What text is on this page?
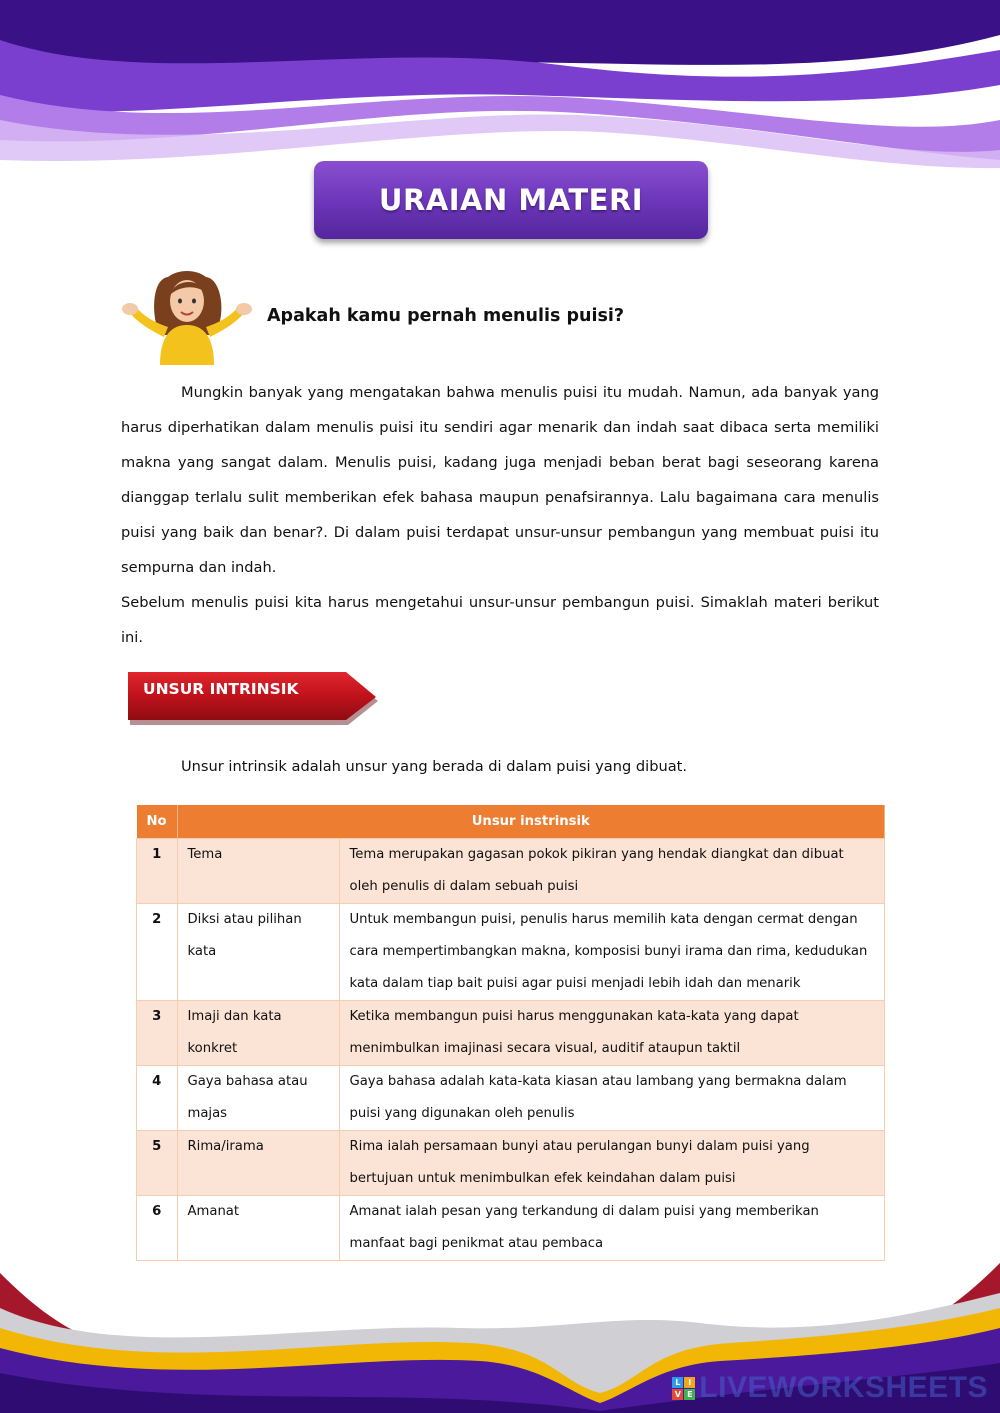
URAIAN MATERI
Apakah kamu pernah menulis puisi?

Mungkin banyak yang mengatakan bahwa menulis puisi itu mudah. Namun, ada banyak yang harus diperhatikan dalam menulis puisi itu sendiri agar menarik dan indah saat dibaca serta memiliki makna yang sangat dalam. Menulis puisi, kadang juga menjadi beban berat bagi seseorang karena dianggap terlalu sulit memberikan efek bahasa maupun penafsirannya. Lalu bagaimana cara menulis puisi yang baik dan benar?. Di dalam puisi terdapat unsur-unsur pembangun yang membuat puisi itu sempurna dan indah.

Sebelum menulis puisi kita harus mengetahui unsur-unsur pembangun puisi. Simaklah materi berikut ini.

UNSUR INTRINSIK
Unsur intrinsik adalah unsur yang berada di dalam puisi yang dibuat.
No	Unsur instrinsik	
1	Tema	Tema merupakan gagasan pokok pikiran yang hendak diangkat dan dibuat oleh penulis di dalam sebuah puisi
2	Diksi atau pilihan kata	Untuk membangun puisi, penulis harus memilih kata dengan cermat dengan cara mempertimbangkan makna, komposisi bunyi irama dan rima, kedudukan kata dalam tiap bait puisi agar puisi menjadi lebih idah dan menarik
3	Imaji dan kata konkret	Ketika membangun puisi harus menggunakan kata-kata yang dapat menimbulkan imajinasi secara visual, auditif ataupun taktil
4	Gaya bahasa atau majas	Gaya bahasa adalah kata-kata kiasan atau lambang yang bermakna dalam puisi yang digunakan oleh penulis
5	Rima/irama	Rima ialah persamaan bunyi atau perulangan bunyi dalam puisi yang bertujuan untuk menimbulkan efek keindahan dalam puisi
6	Amanat	Amanat ialah pesan yang terkandung di dalam puisi yang memberikan manfaat bagi penikmat atau pembaca
L I
V E LIVEWORKSHEETS
